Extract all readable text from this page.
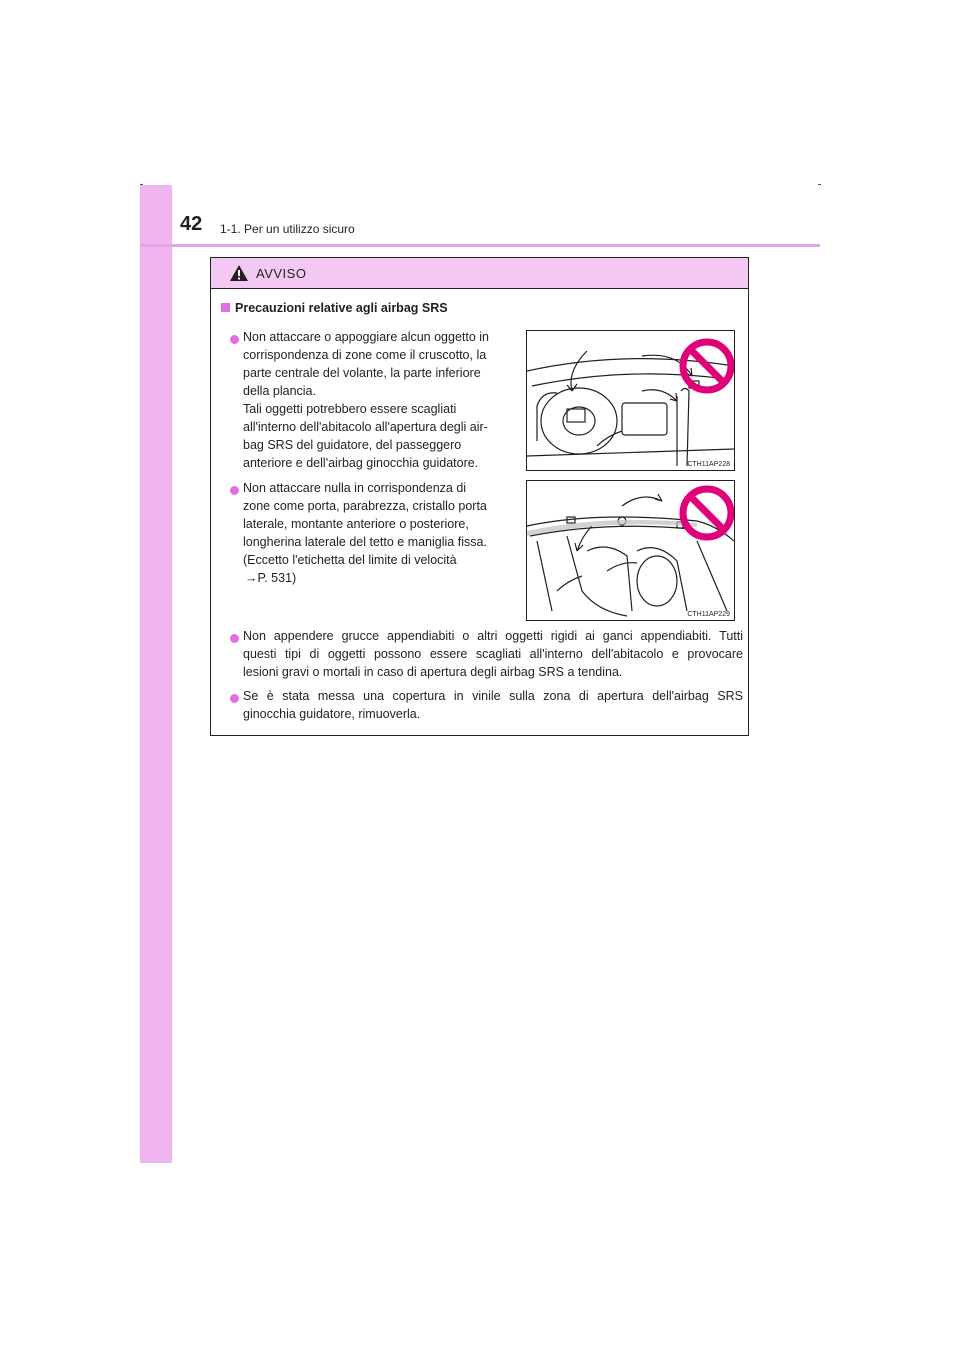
42 1-1. Per un utilizzo sicuro
AVVISO
Precauzioni relative agli airbag SRS
Non attaccare o appoggiare alcun oggetto in
corrispondenza di zone come il cruscotto, la
parte centrale del volante, la parte inferiore
della plancia.
Tali oggetti potrebbero essere scagliati
all'interno dell'abitacolo all'apertura degli air-
bag SRS del guidatore, del passeggero
anteriore e dell'airbag ginocchia guidatore.	CTH11AP228
Non attaccare nulla in corrispondenza di
zone come porta, parabrezza, cristallo porta
laterale, montante anteriore o posteriore,
longherina laterale del tetto e maniglia fissa.
(Eccetto l'etichetta del limite di velocità
→P. 531)
CTH11AP229
Non appendere grucce appendiabiti o altri oggetti rigidi ai ganci appendiabiti. Tutti
questi tipi di oggetti possono essere scagliati all'interno dell'abitacolo e provocare
lesioni gravi o mortali in caso di apertura degli airbag SRS a tendina.
Se è stata messa una copertura in vinile sulla zona di apertura dell'airbag SRS
ginocchia guidatore, rimuoverla.
